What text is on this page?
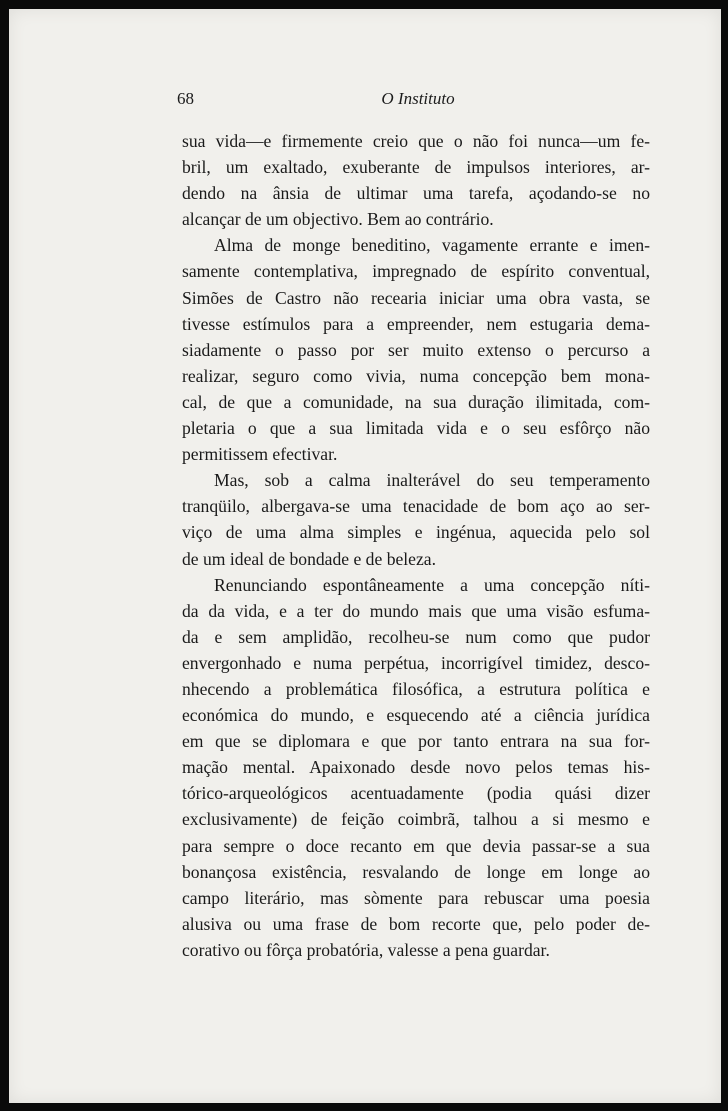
68	O Instituto

sua vida—e firmemente creio que o não foi nunca—um fe-
bril, um exaltado, exuberante de impulsos interiores, ar-
dendo na ânsia de ultimar uma tarefa, açodando-se no
alcançar de um objectivo. Bem ao contrário.

Alma de monge beneditino, vagamente errante e imen-
samente contemplativa, impregnado de espírito conventual,
Simões de Castro não recearia iniciar uma obra vasta, se
tivesse estímulos para a empreender, nem estugaria dema-
siadamente o passo por ser muito extenso o percurso a
realizar, seguro como vivia, numa concepção bem mona-
cal, de que a comunidade, na sua duração ilimitada, com-
pletaria o que a sua limitada vida e o seu esfôrço não
permitissem efectivar.

Mas, sob a calma inalterável do seu temperamento
tranqüilo, albergava-se uma tenacidade de bom aço ao ser-
viço de uma alma simples e ingénua, aquecida pelo sol
de um ideal de bondade e de beleza.

Renunciando espontâneamente a uma concepção níti-
da da vida, e a ter do mundo mais que uma visão esfuma-
da e sem amplidão, recolheu-se num como que pudor
envergonhado e numa perpétua, incorrigível timidez, desco-
nhecendo a problemática filosófica, a estrutura política e
económica do mundo, e esquecendo até a ciência jurídica
em que se diplomara e que por tanto entrara na sua for-
mação mental. Apaixonado desde novo pelos temas his-
tórico-arqueológicos acentuadamente (podia quási dizer
exclusivamente) de feição coimbrã, talhou a si mesmo e
para sempre o doce recanto em que devia passar-se a sua
bonançosa existência, resvalando de longe em longe ao
campo literário, mas sòmente para rebuscar uma poesia
alusiva ou uma frase de bom recorte que, pelo poder de-
corativo ou fôrça probatória, valesse a pena guardar.
